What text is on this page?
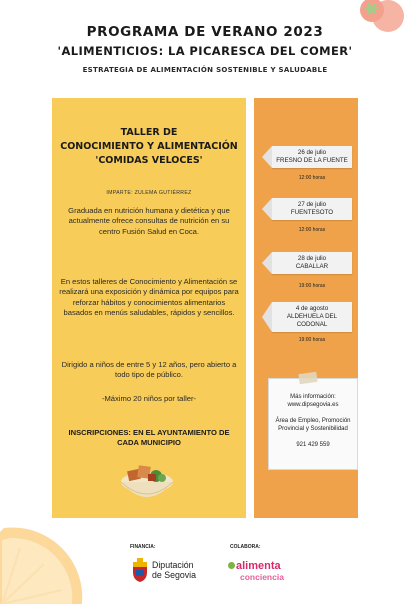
PROGRAMA DE VERANO 2023
'ALIMENTICIOS: LA PICARESCA DEL COMER'
ESTRATEGIA DE ALIMENTACIÓN SOSTENIBLE Y SALUDABLE
TALLER DE
CONOCIMIENTO Y ALIMENTACIÓN
'COMIDAS VELOCES'
IMPARTE: ZULEMA GUTIÉRREZ
Graduada en nutrición humana y dietética y que actualmente ofrece consultas de nutrición en su centro Fusión Salud en Coca.
En estos talleres de Conocimiento y Alimentación se realizará una exposición y dinámica por equipos para reforzar hábitos y conocimientos alimentarios basados en menús saludables, rápidos y sencillos.
Dirigido a niños de entre 5 y 12 años, pero abierto a todo tipo de público.
-Máximo 20 niños por taller-
INSCRIPCIONES: EN EL AYUNTAMIENTO DE CADA MUNICIPIO
26 de julio
FRESNO DE LA FUENTE
12:00 horas
27 de julio
FUENTESOTO
12:00 horas
28 de julio
CABALLAR
19:00 horas
4 de agosto
ALDEHUELA DEL CODONAL
19:00 horas
Más información:
www.dipsegovia.es
Área de Empleo, Promoción Provincial y Sostenibilidad
921 429 559
FINANCIA:	COLABORA:
Diputación
de Segovia
alimenta
conciencia
